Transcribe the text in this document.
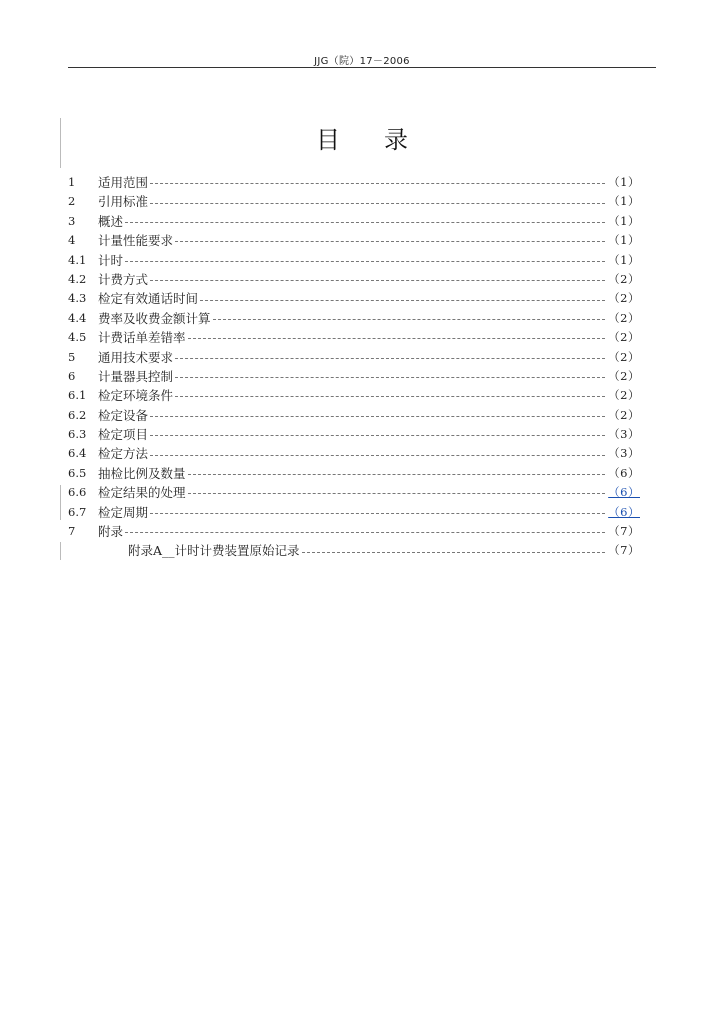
JJG（院）17－2006
目 录
1	适用范围	（1）
2	引用标准	（1）
3	概述	（1）
4	计量性能要求	（1）
4.1 计时	（1）
4.2 计费方式	（2）
4.3 检定有效通话时间	（2）
4.4 费率及收费金额计算	（2）
4.5 计费话单差错率	（2）
5	通用技术要求	（2）
6	计量器具控制	（2）
6.1 检定环境条件	（2）
6.2 检定设备	（2）
6.3 检定项目	（3）
6.4 检定方法	（3）
6.5 抽检比例及数量	（6）
6.6 检定结果的处理	（6）
6.7 检定周期	（6）
7	附录	（7）
附录A__计时计费装置原始记录	（7）
